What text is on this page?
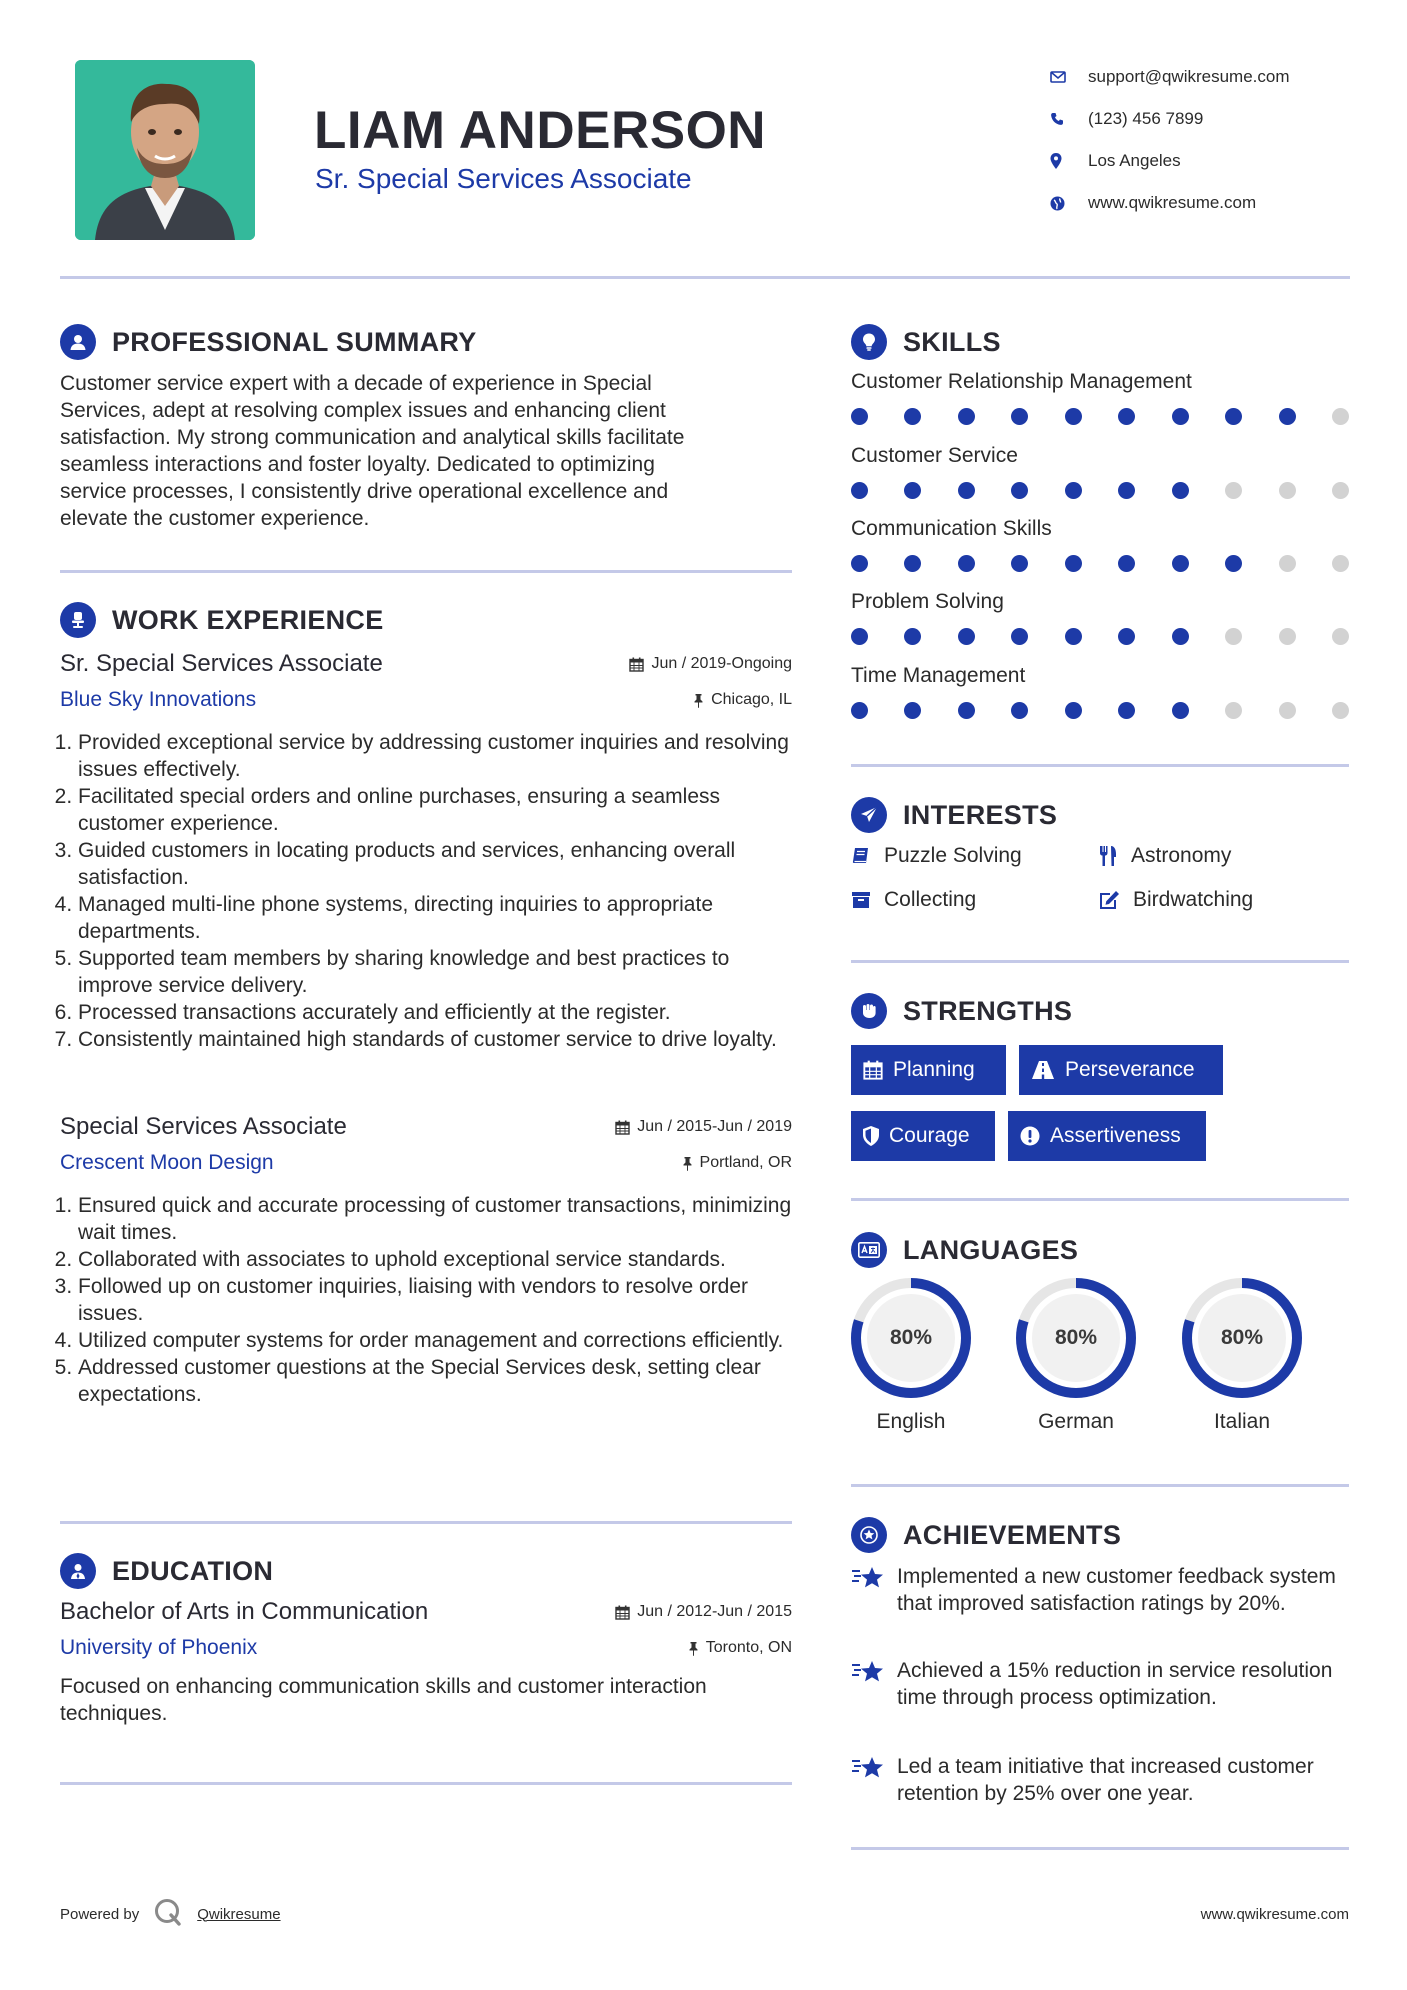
LIAM ANDERSON
Sr. Special Services Associate
support@qwikresume.com
(123) 456 7899
Los Angeles
www.qwikresume.com
PROFESSIONAL SUMMARY
Customer service expert with a decade of experience in Special
Services, adept at resolving complex issues and enhancing client
satisfaction. My strong communication and analytical skills facilitate
seamless interactions and foster loyalty. Dedicated to optimizing
service processes, I consistently drive operational excellence and
elevate the customer experience.
WORK EXPERIENCE
Sr. Special Services Associate	Jun / 2019-Ongoing
Blue Sky Innovations	Chicago, IL
1. Provided exceptional service by addressing customer inquiries and resolving issues effectively.
2. Facilitated special orders and online purchases, ensuring a seamless customer experience.
3. Guided customers in locating products and services, enhancing overall satisfaction.
4. Managed multi-line phone systems, directing inquiries to appropriate departments.
5. Supported team members by sharing knowledge and best practices to improve service delivery.
6. Processed transactions accurately and efficiently at the register.
7. Consistently maintained high standards of customer service to drive loyalty.
Special Services Associate	Jun / 2015-Jun / 2019
Crescent Moon Design	Portland, OR
1. Ensured quick and accurate processing of customer transactions, minimizing wait times.
2. Collaborated with associates to uphold exceptional service standards.
3. Followed up on customer inquiries, liaising with vendors to resolve order issues.
4. Utilized computer systems for order management and corrections efficiently.
5. Addressed customer questions at the Special Services desk, setting clear expectations.
EDUCATION
Bachelor of Arts in Communication	Jun / 2012-Jun / 2015
University of Phoenix	Toronto, ON
Focused on enhancing communication skills and customer interaction techniques.
SKILLS
Customer Relationship Management
Customer Service
Communication Skills
Problem Solving
Time Management
INTERESTS
Puzzle Solving	Astronomy
Collecting	Birdwatching
STRENGTHS
Planning	Perseverance
Courage	Assertiveness
LANGUAGES
80%
English
80%
German
80%
Italian
ACHIEVEMENTS
Implemented a new customer feedback system that improved satisfaction ratings by 20%.
Achieved a 15% reduction in service resolution time through process optimization.
Led a team initiative that increased customer retention by 25% over one year.
Powered by	Qwikresume	www.qwikresume.com
